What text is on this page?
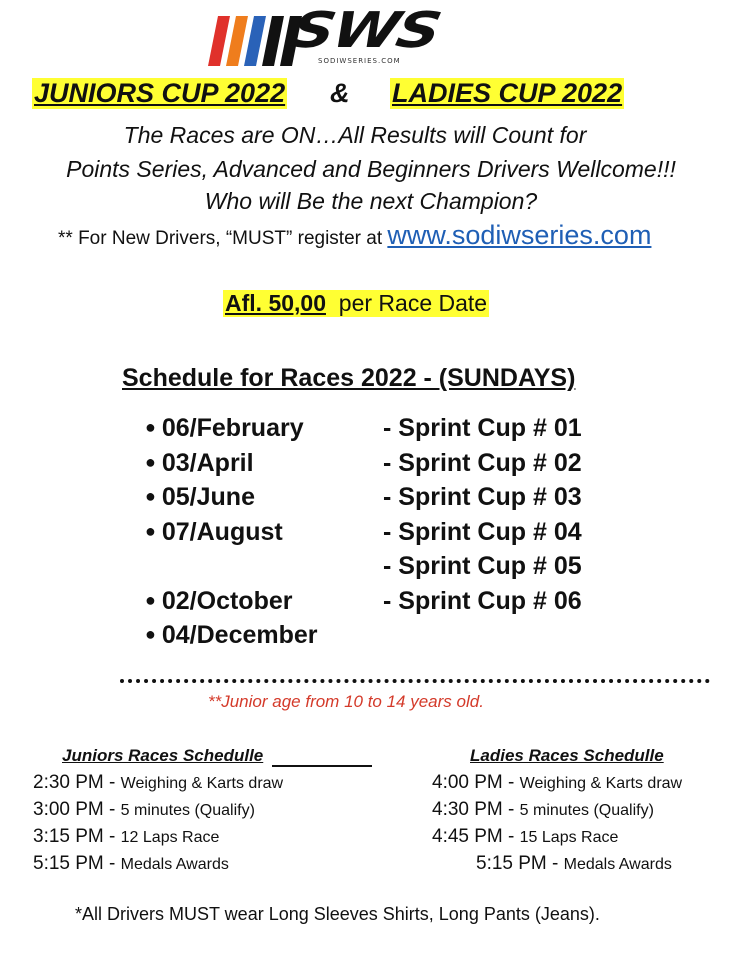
SWS
SODIWSERIES.COM
JUNIORS CUP 2022 & LADIES CUP 2022
The Races are ON…All Results will Count for
Points Series, Advanced and Beginners Drivers Wellcome!!!
Who will Be the next Champion?
** For New Drivers, “MUST” register at www.sodiwseries.com
Afl. 50,00 per Race Date
Schedule for Races 2022 - (SUNDAYS)
● 06/February
● 03/April
● 05/June
● 07/August
● 02/October
● 04/December
- Sprint Cup # 01
- Sprint Cup # 02
- Sprint Cup # 03
- Sprint Cup # 04
- Sprint Cup # 05
- Sprint Cup # 06
**Junior age from 10 to 14 years old.
Juniors Races Schedulle
2:30 PM - Weighing & Karts draw
3:00 PM - 5 minutes (Qualify)
3:15 PM - 12 Laps Race
5:15 PM - Medals Awards
Ladies Races Schedulle
4:00 PM - Weighing & Karts draw
4:30 PM - 5 minutes (Qualify)
4:45 PM - 15 Laps Race
5:15 PM - Medals Awards
*All Drivers MUST wear Long Sleeves Shirts, Long Pants (Jeans).
